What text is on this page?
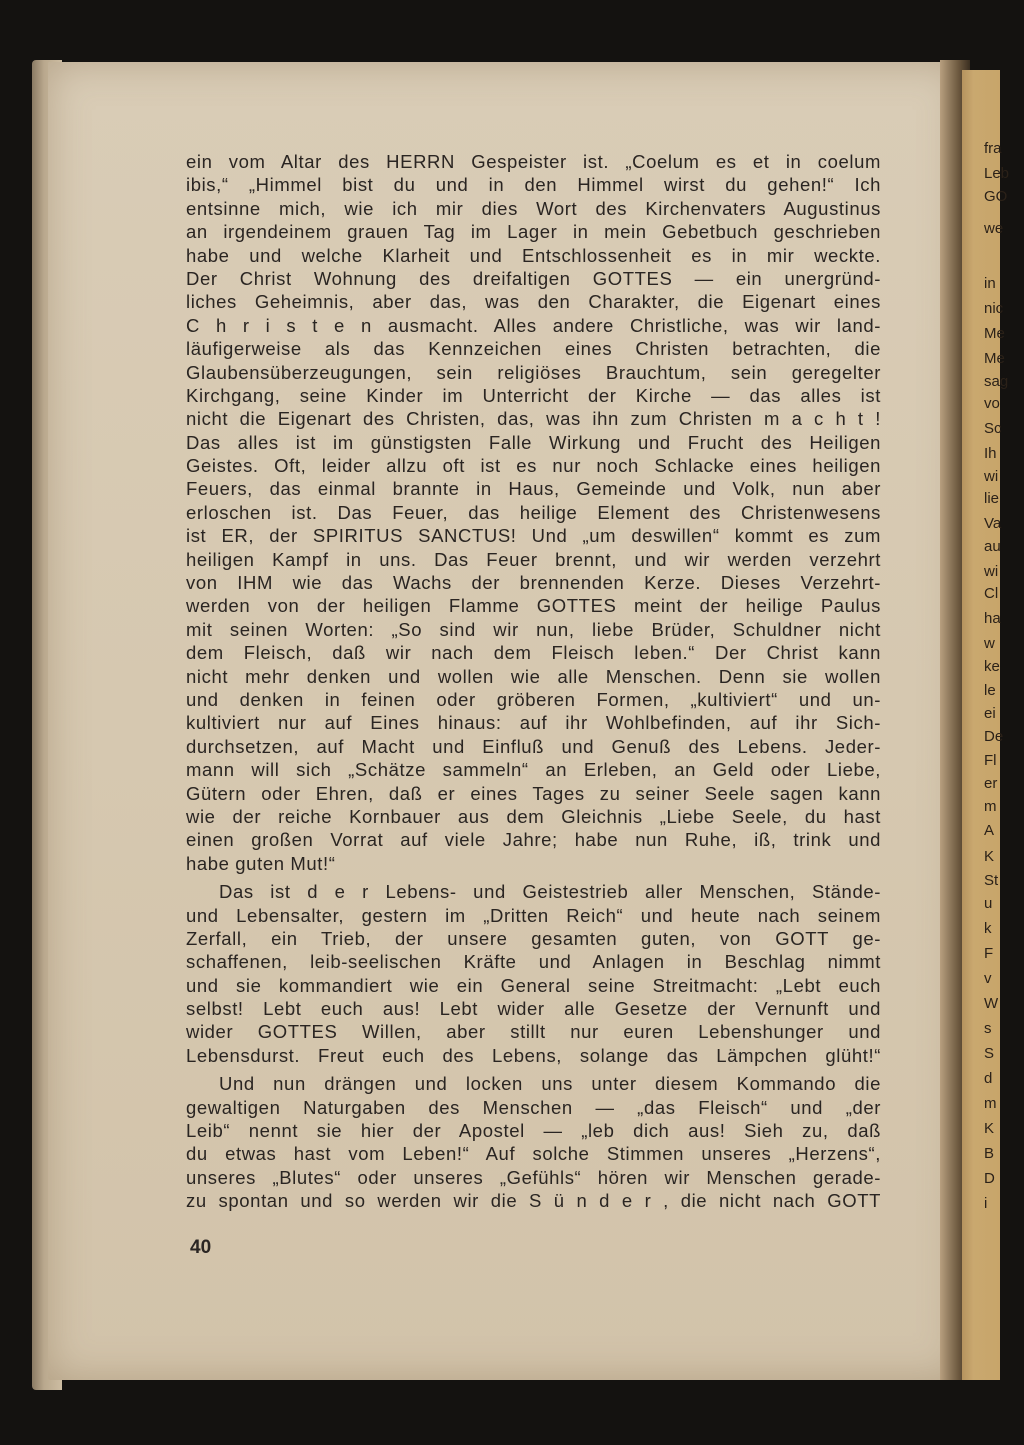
fra
Leb
GO
we
in
nic
Me
Me
sag
vo
Sc
Ih
wi
lie
Va
au
wi
Cl
ha
w
ke
le
ei
De
Fl
er
m
A
K
St
u
k
F
v
W
s
S
d
m
K
B
D
i
ein vom Altar des HERRN Gespeister ist. „Coelum es et in coelum
ibis,“ „Himmel bist du und in den Himmel wirst du gehen!“ Ich
entsinne mich, wie ich mir dies Wort des Kirchenvaters Augustinus
an irgendeinem grauen Tag im Lager in mein Gebetbuch geschrieben
habe und welche Klarheit und Entschlossenheit es in mir weckte.
Der Christ Wohnung des dreifaltigen GOTTES — ein unergründ-
liches Geheimnis, aber das, was den Charakter, die Eigenart eines
C h r i s t e n ausmacht. Alles andere Christliche, was wir land-
läufigerweise als das Kennzeichen eines Christen betrachten, die
Glaubensüberzeugungen, sein religiöses Brauchtum, sein geregelter
Kirchgang, seine Kinder im Unterricht der Kirche — das alles ist
nicht die Eigenart des Christen, das, was ihn zum Christen m a c h t !
Das alles ist im günstigsten Falle Wirkung und Frucht des Heiligen
Geistes. Oft, leider allzu oft ist es nur noch Schlacke eines heiligen
Feuers, das einmal brannte in Haus, Gemeinde und Volk, nun aber
erloschen ist. Das Feuer, das heilige Element des Christenwesens
ist ER, der SPIRITUS SANCTUS! Und „um deswillen“ kommt es zum
heiligen Kampf in uns. Das Feuer brennt, und wir werden verzehrt
von IHM wie das Wachs der brennenden Kerze. Dieses Verzehrt-
werden von der heiligen Flamme GOTTES meint der heilige Paulus
mit seinen Worten: „So sind wir nun, liebe Brüder, Schuldner nicht
dem Fleisch, daß wir nach dem Fleisch leben.“ Der Christ kann
nicht mehr denken und wollen wie alle Menschen. Denn sie wollen
und denken in feinen oder gröberen Formen, „kultiviert“ und un-
kultiviert nur auf Eines hinaus: auf ihr Wohlbefinden, auf ihr Sich-
durchsetzen, auf Macht und Einfluß und Genuß des Lebens. Jeder-
mann will sich „Schätze sammeln“ an Erleben, an Geld oder Liebe,
Gütern oder Ehren, daß er eines Tages zu seiner Seele sagen kann
wie der reiche Kornbauer aus dem Gleichnis „Liebe Seele, du hast
einen großen Vorrat auf viele Jahre; habe nun Ruhe, iß, trink und
habe guten Mut!“
Das ist d e r Lebens- und Geistestrieb aller Menschen, Stände-
und Lebensalter, gestern im „Dritten Reich“ und heute nach seinem
Zerfall, ein Trieb, der unsere gesamten guten, von GOTT ge-
schaffenen, leib-seelischen Kräfte und Anlagen in Beschlag nimmt
und sie kommandiert wie ein General seine Streitmacht: „Lebt euch
selbst! Lebt euch aus! Lebt wider alle Gesetze der Vernunft und
wider GOTTES Willen, aber stillt nur euren Lebenshunger und
Lebensdurst. Freut euch des Lebens, solange das Lämpchen glüht!“
Und nun drängen und locken uns unter diesem Kommando die
gewaltigen Naturgaben des Menschen — „das Fleisch“ und „der
Leib“ nennt sie hier der Apostel — „leb dich aus! Sieh zu, daß
du etwas hast vom Leben!“ Auf solche Stimmen unseres „Herzens“,
unseres „Blutes“ oder unseres „Gefühls“ hören wir Menschen gerade-
zu spontan und so werden wir die S ü n d e r , die nicht nach GOTT
40
